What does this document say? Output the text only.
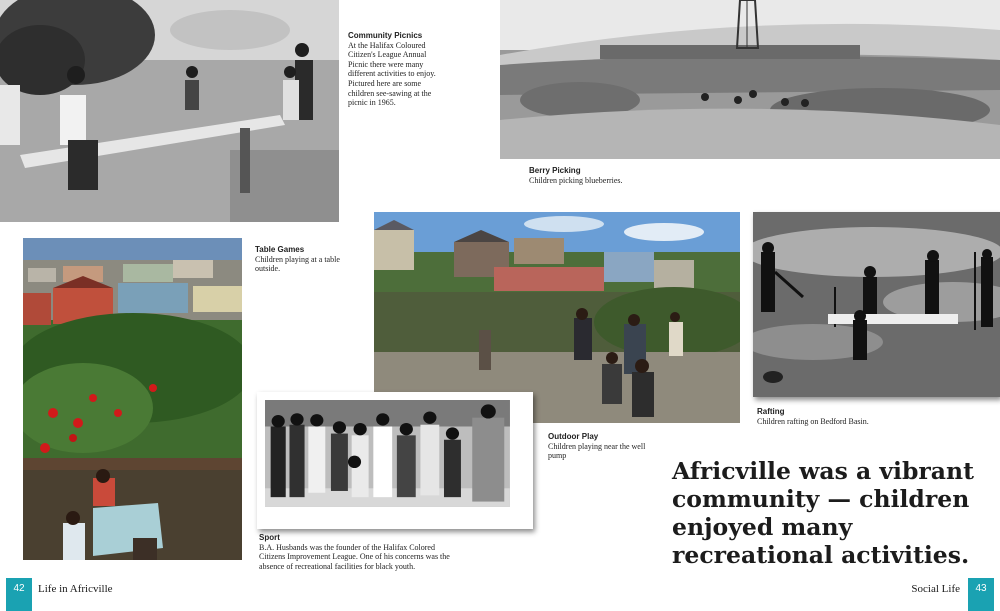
Community Picnics
At the Halifax Coloured Citizen's League Annual Picnic there were many different activities to enjoy. Pictured here are some children see-sawing at the picnic in 1965.
Berry Picking
Children picking blueberries.
Table Games
Children playing at a table outside.
Outdoor Play
Children playing near the well pump
Rafting
Children rafting on Bedford Basin.
Sport
B.A. Husbands was the founder of the Halifax Colored Citizens Improvement League. One of his concerns was the absence of recreational facilities for black youth.
Africville was a vibrant community — children enjoyed many recreational activities.
42	Life in Africville	Social Life	43
